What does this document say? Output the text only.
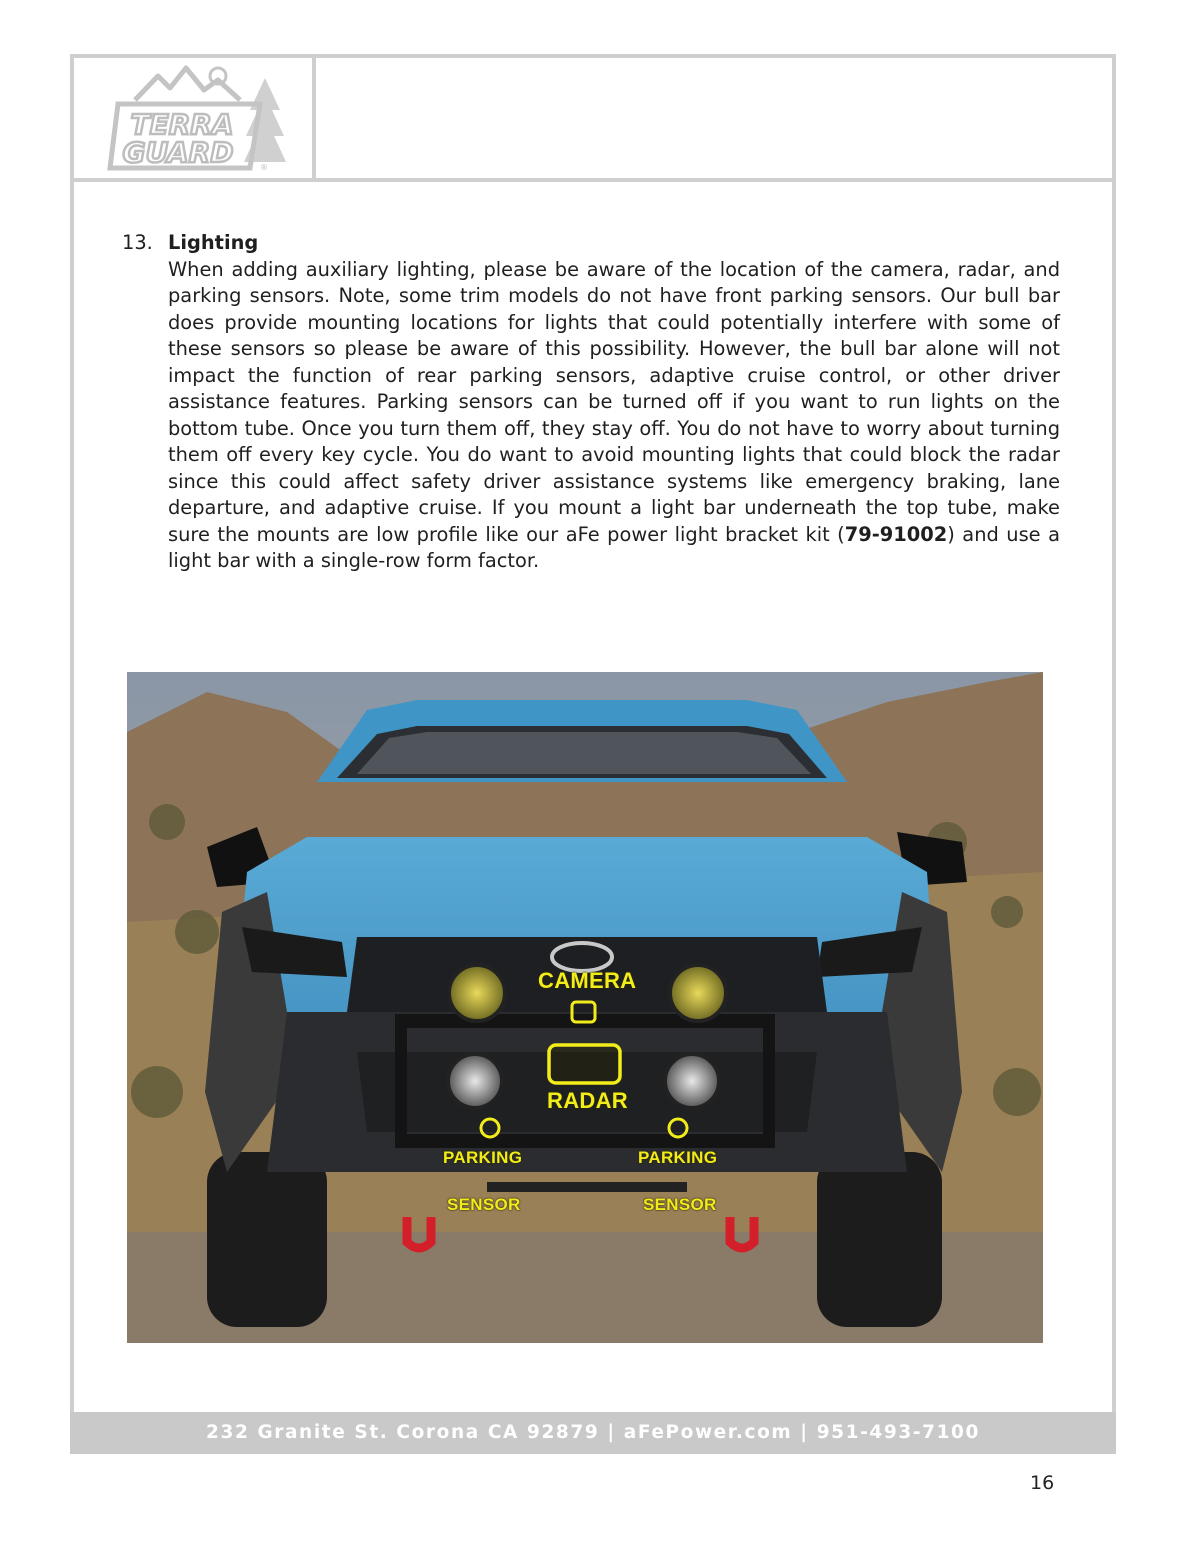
TERRA
GUARD	®
13. Lighting

When adding auxiliary lighting, please be aware of the location of the camera, radar, and parking sensors. Note, some trim models do not have front parking sensors. Our bull bar does provide mounting locations for lights that could potentially interfere with some of these sensors so please be aware of this possibility. However, the bull bar alone will not impact the function of rear parking sensors, adaptive cruise control, or other driver assistance features. Parking sensors can be turned off if you want to run lights on the bottom tube. Once you turn them off, they stay off. You do not have to worry about turning them off every key cycle. You do want to avoid mounting lights that could block the radar since this could affect safety driver assistance systems like emergency braking, lane departure, and adaptive cruise. If you mount a light bar underneath the top tube, make sure the mounts are low profile like our aFe power light bracket kit (79-91002) and use a light bar with a single-row form factor.

CAMERA
RADAR
PARKING
SENSOR
PARKING
SENSOR
232 Granite St. Corona CA 92879 | aFePower.com | 951-493-7100
16
